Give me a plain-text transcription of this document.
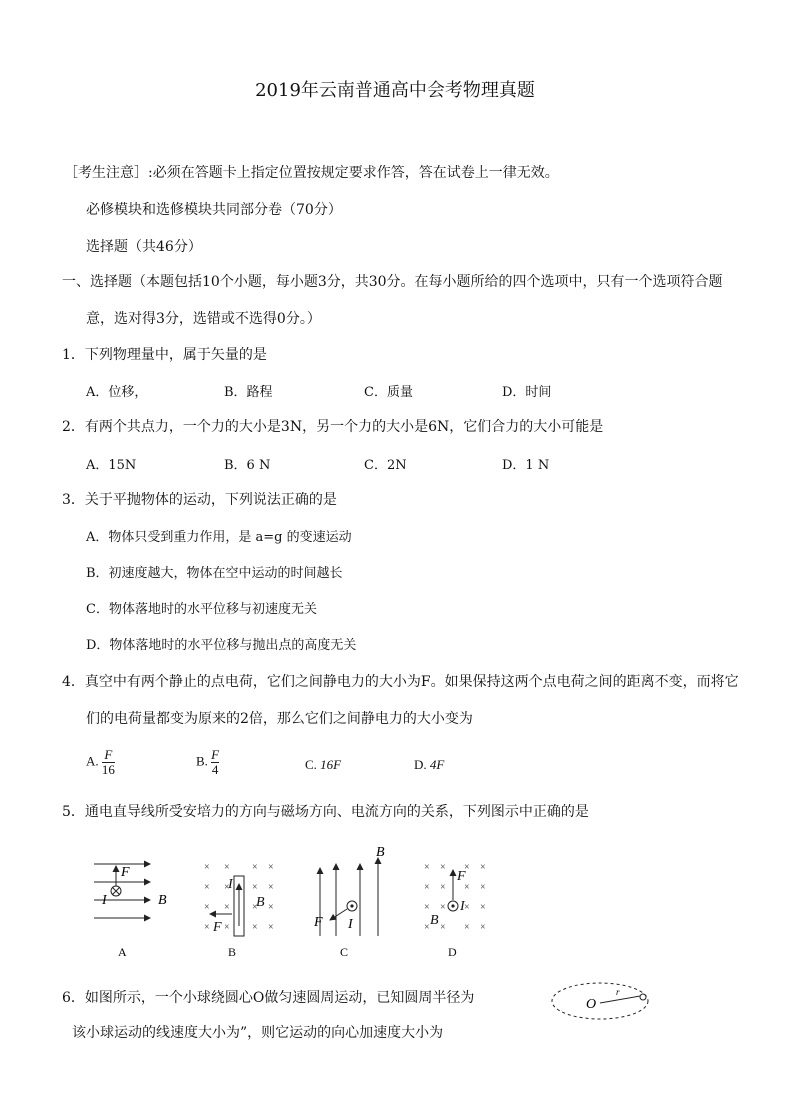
2019年云南普通高中会考物理真题
［考生注意］:必须在答题卡上指定位置按规定要求作答，答在试卷上一律无效。
必修模块和选修模块共同部分卷（70分）
选择题（共46分）
一、选择题（本题包括10个小题，每小题3分，共30分。在每小题所给的四个选项中，只有一个选项符合题
意，选对得3分，选错或不选得0分。）
1．下列物理量中，属于矢量的是
A．位移，	B．路程	C．质量	D．时间
2．有两个共点力，一个力的大小是3N，另一个力的大小是6N，它们合力的大小可能是
A．15N	B．6 N	C．2N	D．1 N
3．关于平抛物体的运动，下列说法正确的是
A．物体只受到重力作用，是 a=g 的变速运动
B．初速度越大，物体在空中运动的时间越长
C．物体落地时的水平位移与初速度无关
D．物体落地时的水平位移与抛出点的高度无关
4．真空中有两个静止的点电荷，它们之间静电力的大小为F。如果保持这两个点电荷之间的距离不变，而将它
们的电荷量都变为原来的2倍，那么它们之间静电力的大小变为
A. $\frac{F}{16}$	B. $\frac{F}{4}$	C. 16F	D. 4F
5．通电直导线所受安培力的方向与磁场方向、电流方向的关系，下列图示中正确的是
F
I	B
A
× × × ×
× × × ×
× × × ×
× × × ×
I
F
B
B
B
F I
C
× × × ×
× × × ×
× × × ×
× × × ×
F
B
I
D
6．如图所示，一个小球绕圆心O做匀速圆周运动，已知圆周半径为
该小球运动的线速度大小为”，则它运动的向心加速度大小为
O
r
